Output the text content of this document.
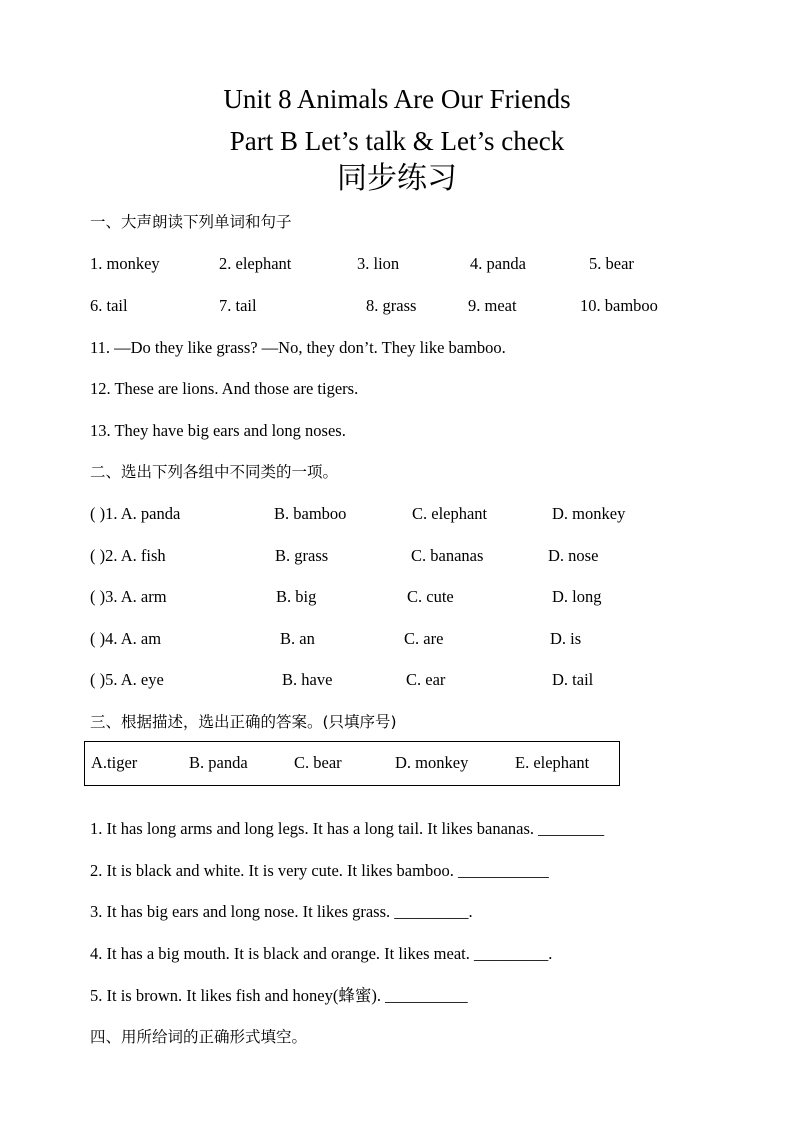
Unit 8 Animals Are Our Friends
Part B Let’s talk & Let’s check
同步练习
一、大声朗读下列单词和句子
1. monkey	2. elephant	3. lion	4. panda	5. bear
6. tail	7. tail	8. grass	9. meat	10. bamboo
11. —Do they like grass? —No, they don’t. They like bamboo.
12. These are lions. And those are tigers.
13. They have big ears and long noses.
二、选出下列各组中不同类的一项。
( )1. A. panda	B. bamboo	C. elephant	D. monkey
( )2. A. fish	B. grass	C. bananas	D. nose
( )3. A. arm	B. big	C. cute	D. long
( )4. A. am	B. an	C. are	D. is
( )5. A. eye	B. have	C. ear	D. tail
三、根据描述，选出正确的答案。(只填序号)
A.tiger	B. panda	C. bear	D. monkey	E. elephant
1. It has long arms and long legs. It has a long tail. It likes bananas. ________
2. It is black and white. It is very cute. It likes bamboo. ___________
3. It has big ears and long nose. It likes grass. _________.
4. It has a big mouth. It is black and orange. It likes meat. _________.
5. It is brown. It likes fish and honey(蜂蜜). __________
四、用所给词的正确形式填空。
